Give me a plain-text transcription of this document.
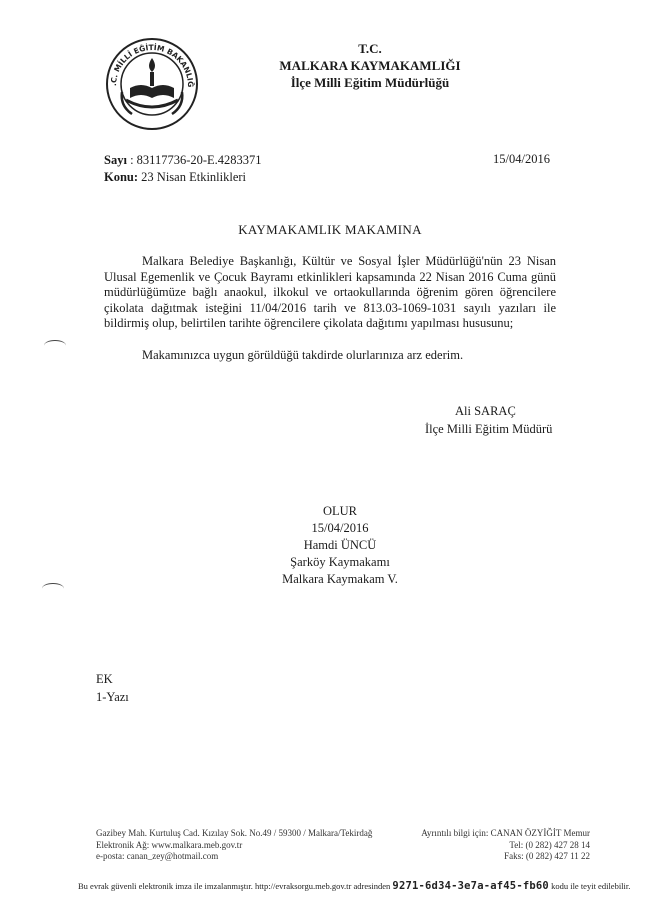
.C. MİLLİ EĞİTİM BAKANLIĞ
T.C.
MALKARA KAYMAKAMLIĞI
İlçe Milli Eğitim Müdürlüğü
Sayı : 83117736-20-E.4283371
Konu: 23 Nisan Etkinlikleri
15/04/2016
KAYMAKAMLIK MAKAMINA

Malkara Belediye Başkanlığı, Kültür ve Sosyal İşler Müdürlüğü'nün 23 Nisan Ulusal Egemenlik ve Çocuk Bayramı etkinlikleri kapsamında 22 Nisan 2016 Cuma günü müdürlüğümüze bağlı anaokul, ilkokul ve ortaokullarında öğrenim gören öğrencilere çikolata dağıtmak isteğini 11/04/2016 tarih ve 813.03-1069-1031 sayılı yazıları ile bildirmiş olup, belirtilen tarihte öğrencilere çikolata dağıtımı yapılması hususunu;

Makamınızca uygun görüldüğü takdirde olurlarınıza arz ederim.
Ali SARAÇ
İlçe Milli Eğitim Müdürü
OLUR
15/04/2016
Hamdi ÜNCÜ
Şarköy Kaymakamı
Malkara Kaymakam V.
EK
1-Yazı
Gazibey Mah. Kurtuluş Cad. Kızılay Sok. No.49 / 59300 / Malkara/Tekirdağ	Ayrıntılı bilgi için: CANAN ÖZYİĞİT Memur
Elektronik Ağ: www.malkara.meb.gov.tr	Tel: (0 282) 427 28 14
e-posta: canan_zey@hotmail.com	Faks: (0 282) 427 11 22
Bu evrak güvenli elektronik imza ile imzalanmıştır. http://evraksorgu.meb.gov.tr adresinden 9271-6d34-3e7a-af45-fb60 kodu ile teyit edilebilir.
